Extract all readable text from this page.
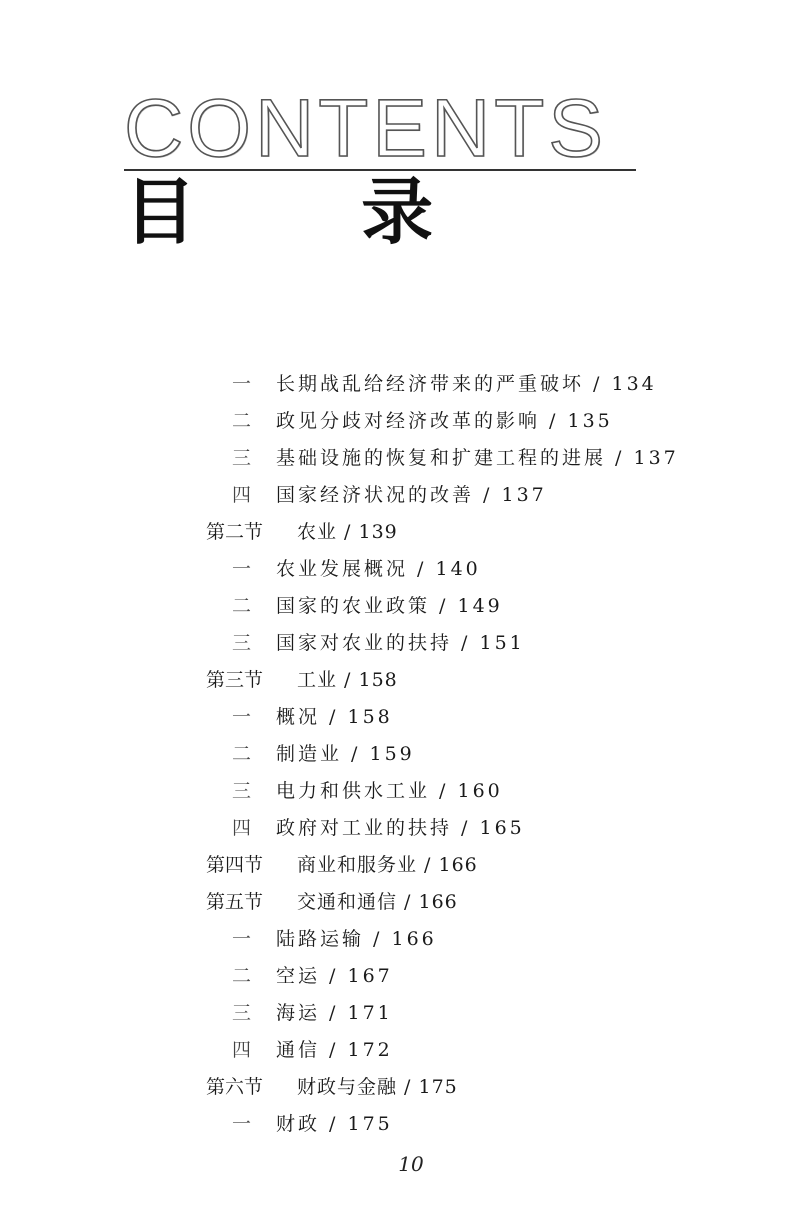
CONTENTS
目 录
一 长期战乱给经济带来的严重破坏 / 134
二 政见分歧对经济改革的影响 / 135
三 基础设施的恢复和扩建工程的进展 / 137
四 国家经济状况的改善 / 137
第二节 农业 / 139
一 农业发展概况 / 140
二 国家的农业政策 / 149
三 国家对农业的扶持 / 151
第三节 工业 / 158
一 概况 / 158
二 制造业 / 159
三 电力和供水工业 / 160
四 政府对工业的扶持 / 165
第四节 商业和服务业 / 166
第五节 交通和通信 / 166
一 陆路运输 / 166
二 空运 / 167
三 海运 / 171
四 通信 / 172
第六节 财政与金融 / 175
一 财政 / 175
10
